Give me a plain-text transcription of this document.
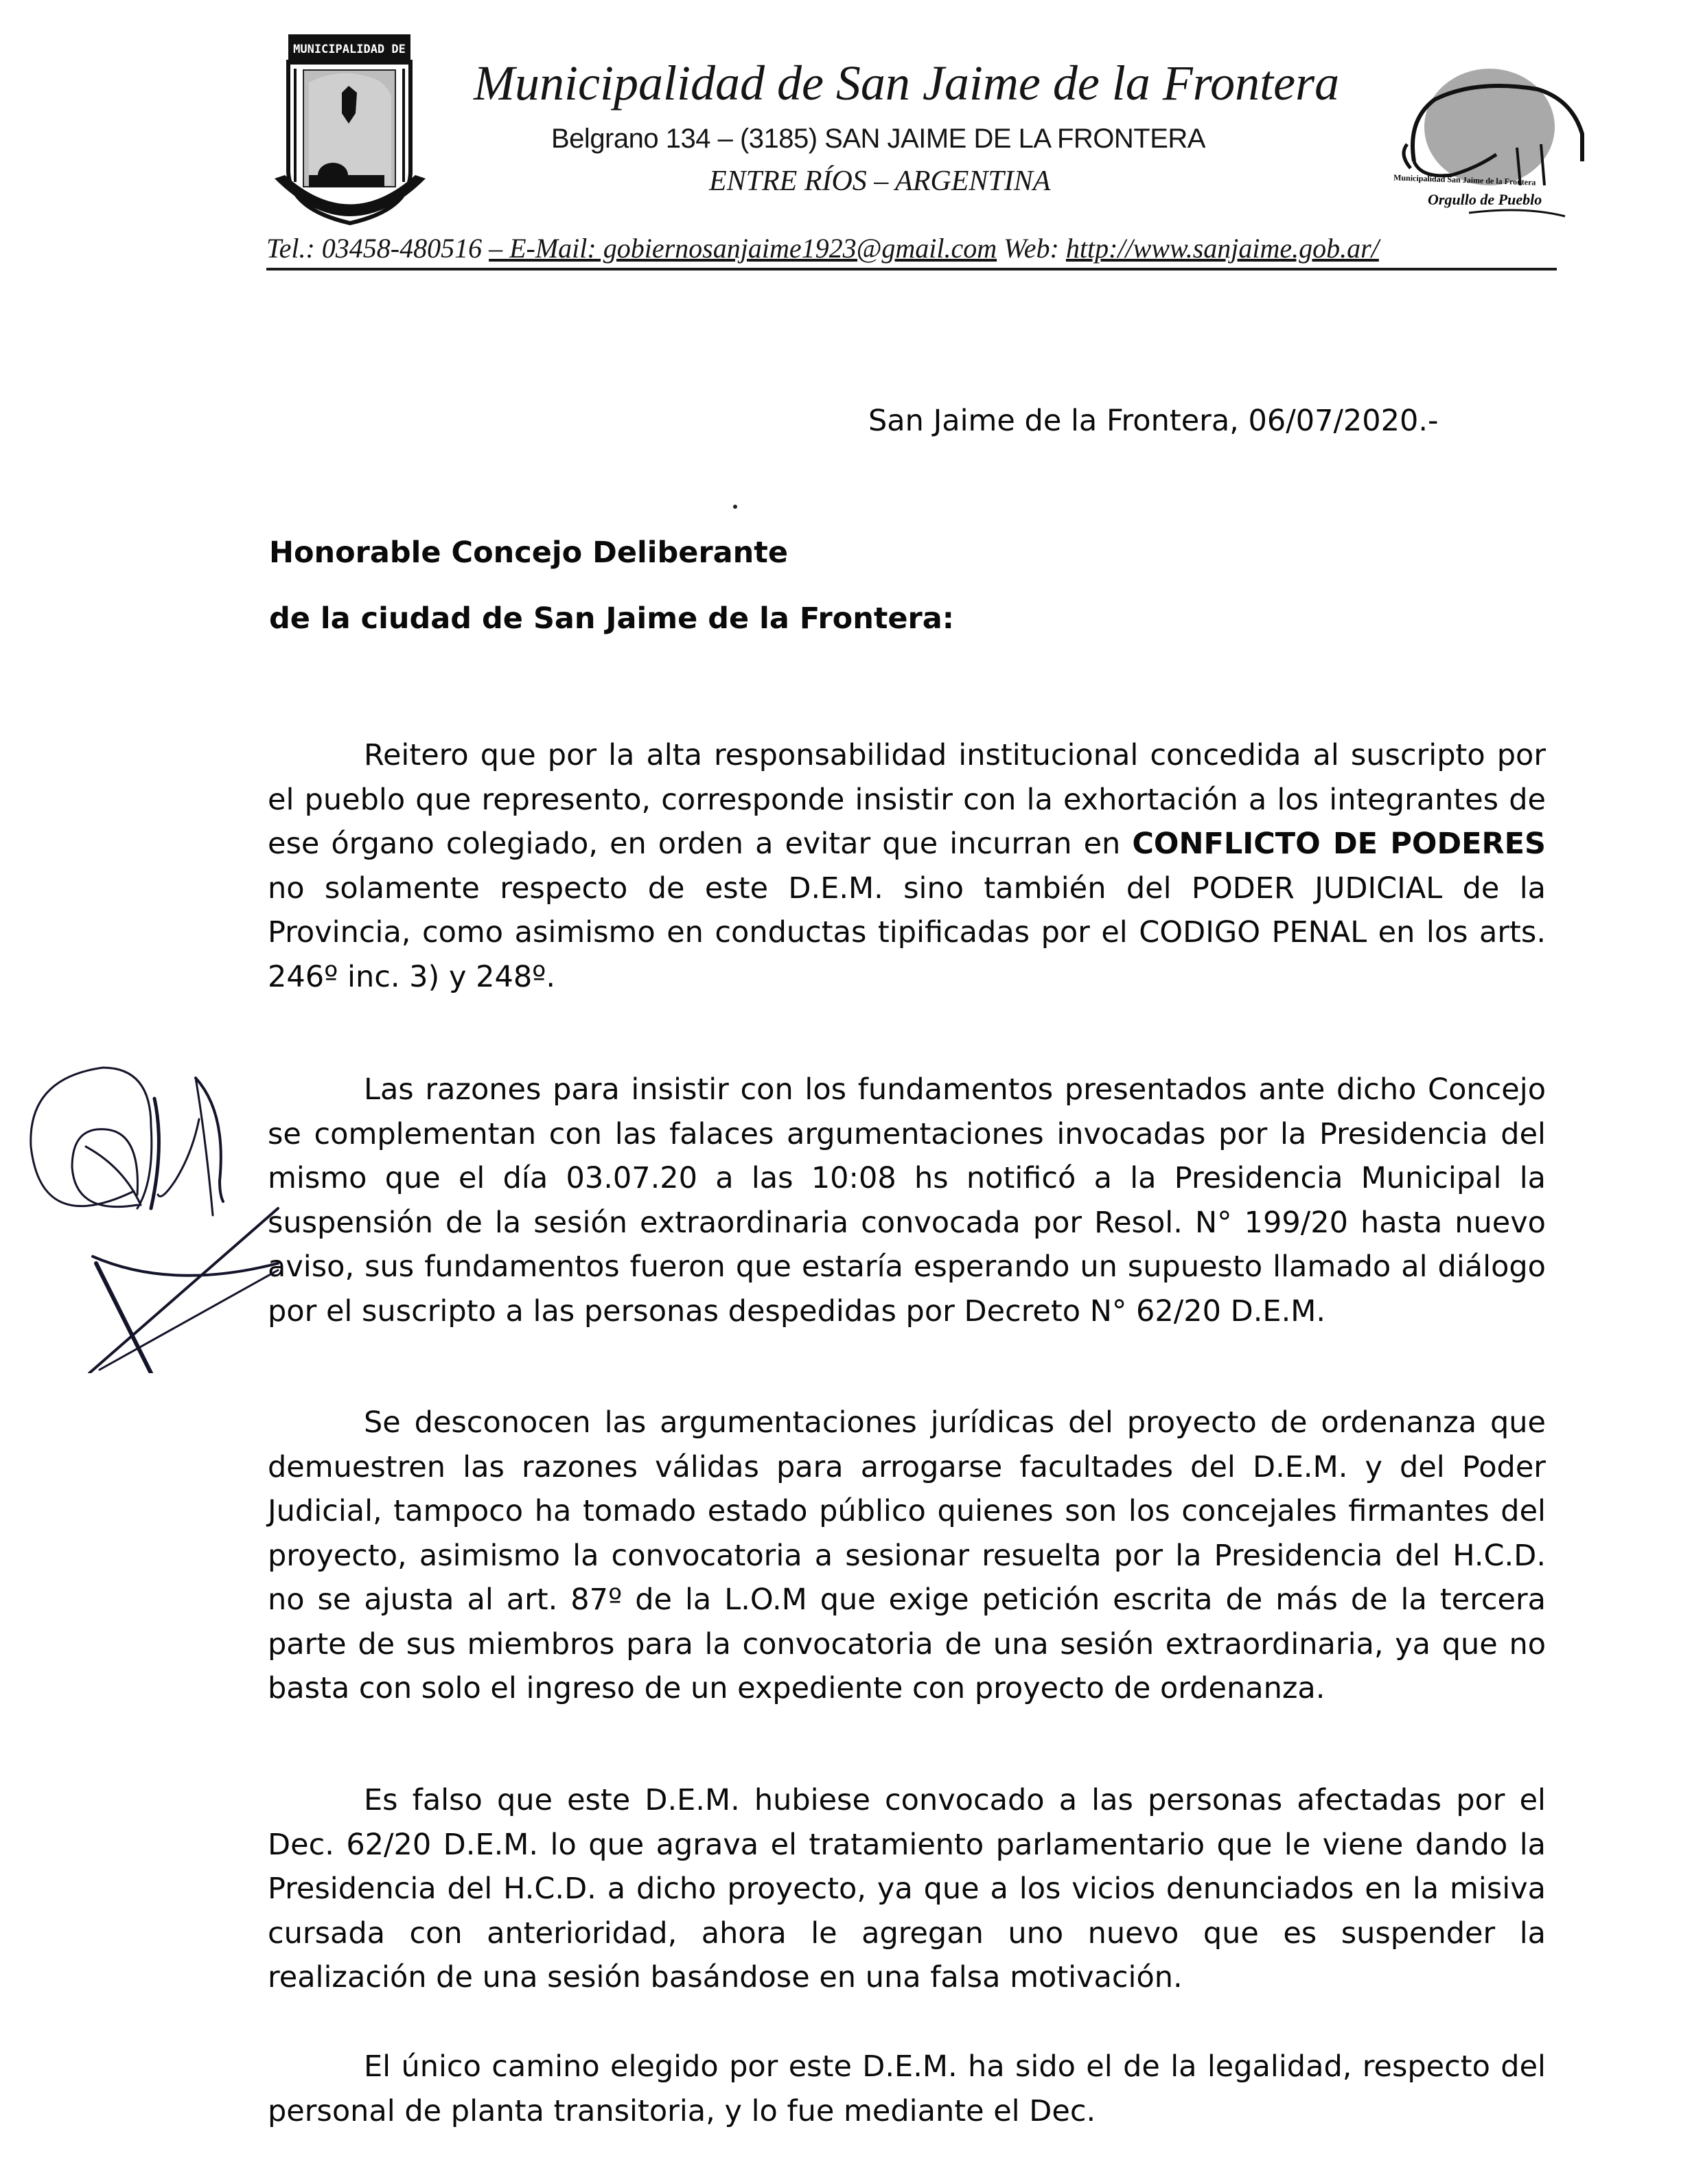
MUNICIPALIDAD DE
Municipalidad de San Jaime de la Frontera
Belgrano 134 – (3185) SAN JAIME DE LA FRONTERA
ENTRE RÍOS – ARGENTINA
Tel.: 03458-480516 – E-Mail: gobiernosanjaime1923@gmail.com Web: http://www.sanjaime.gob.ar/
Municipalidad San Jaime de la Frontera
Orgullo de Pueblo
San Jaime de la Frontera, 06/07/2020.-
Honorable Concejo Deliberante
de la ciudad de San Jaime de la Frontera:
Reitero que por la alta responsabilidad institucional concedida al suscripto por el pueblo que represento, corresponde insistir con la exhortación a los integrantes de ese órgano colegiado, en orden a evitar que incurran en CONFLICTO DE PODERES no solamente respecto de este D.E.M. sino también del PODER JUDICIAL de la Provincia, como asimismo en conductas tipificadas por el CODIGO PENAL en los arts. 246º inc. 3) y 248º.
Las razones para insistir con los fundamentos presentados ante dicho Concejo se complementan con las falaces argumentaciones invocadas por la Presidencia del mismo que el día 03.07.20 a las 10:08 hs notificó a la Presidencia Municipal la suspensión de la sesión extraordinaria convocada por Resol. N° 199/20 hasta nuevo aviso, sus fundamentos fueron que estaría esperando un supuesto llamado al diálogo por el suscripto a las personas despedidas por Decreto N° 62/20 D.E.M.
Se desconocen las argumentaciones jurídicas del proyecto de ordenanza que demuestren las razones válidas para arrogarse facultades del D.E.M. y del Poder Judicial, tampoco ha tomado estado público quienes son los concejales firmantes del proyecto, asimismo la convocatoria a sesionar resuelta por la Presidencia del H.C.D. no se ajusta al art. 87º de la L.O.M que exige petición escrita de más de la tercera parte de sus miembros para la convocatoria de una sesión extraordinaria, ya que no basta con solo el ingreso de un expediente con proyecto de ordenanza.
Es falso que este D.E.M. hubiese convocado a las personas afectadas por el Dec. 62/20 D.E.M. lo que agrava el tratamiento parlamentario que le viene dando la Presidencia del H.C.D. a dicho proyecto, ya que a los vicios denunciados en la misiva cursada con anterioridad, ahora le agregan uno nuevo que es suspender la realización de una sesión basándose en una falsa motivación.
El único camino elegido por este D.E.M. ha sido el de la legalidad, respecto del personal de planta transitoria, y lo fue mediante el Dec.
